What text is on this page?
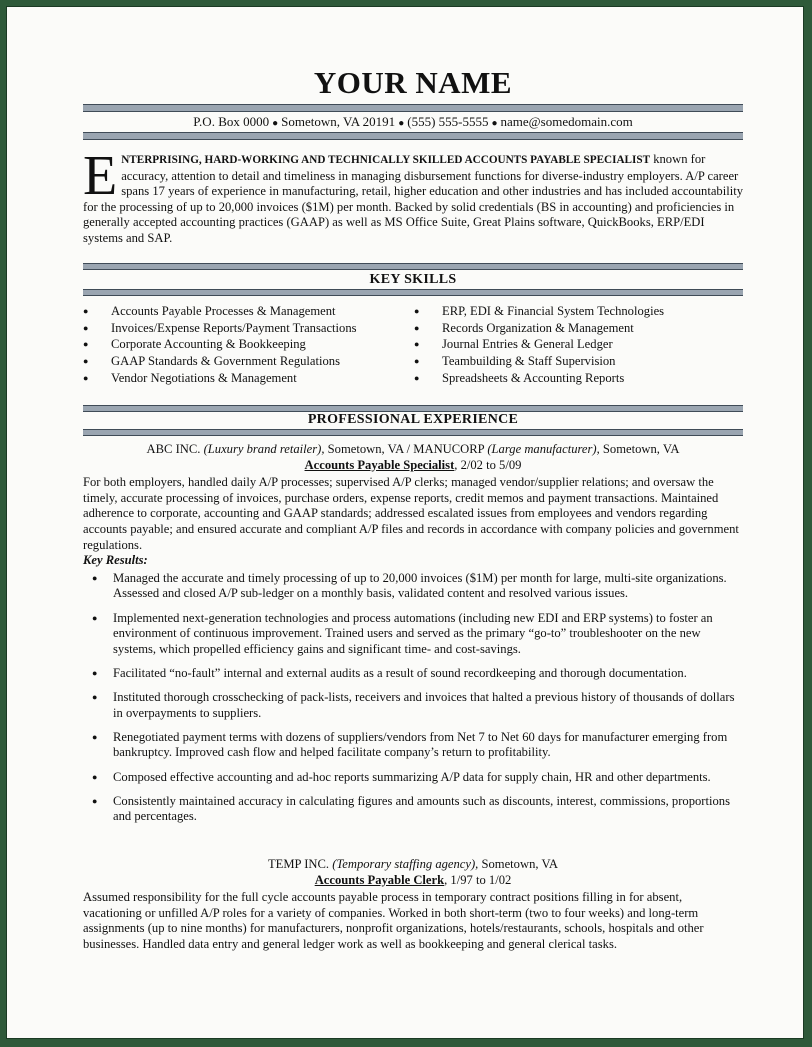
YOUR NAME
P.O. Box 0000 ● Sometown, VA 20191 ● (555) 555-5555 ● name@somedomain.com
ENTERPRISING, HARD-WORKING AND TECHNICALLY SKILLED ACCOUNTS PAYABLE SPECIALIST known for accuracy, attention to detail and timeliness in managing disbursement functions for diverse-industry employers. A/P career spans 17 years of experience in manufacturing, retail, higher education and other industries and has included accountability for the processing of up to 20,000 invoices ($1M) per month. Backed by solid credentials (BS in accounting) and proficiencies in generally accepted accounting practices (GAAP) as well as MS Office Suite, Great Plains software, QuickBooks, ERP/EDI systems and SAP.
KEY SKILLS
● Accounts Payable Processes & Management
● Invoices/Expense Reports/Payment Transactions
● Corporate Accounting & Bookkeeping
● GAAP Standards & Government Regulations
● Vendor Negotiations & Management
● ERP, EDI & Financial System Technologies
● Records Organization & Management
● Journal Entries & General Ledger
● Teambuilding & Staff Supervision
● Spreadsheets & Accounting Reports
PROFESSIONAL EXPERIENCE
ABC INC. (Luxury brand retailer), Sometown, VA / MANUCORP (Large manufacturer), Sometown, VA
Accounts Payable Specialist, 2/02 to 5/09
For both employers, handled daily A/P processes; supervised A/P clerks; managed vendor/supplier relations; and oversaw the timely, accurate processing of invoices, purchase orders, expense reports, credit memos and payment transactions. Maintained adherence to corporate, accounting and GAAP standards; addressed escalated issues from employees and vendors regarding accounts payable; and ensured accurate and compliant A/P files and records in accordance with company policies and government regulations.
Key Results:
● Managed the accurate and timely processing of up to 20,000 invoices ($1M) per month for large, multi-site organizations. Assessed and closed A/P sub-ledger on a monthly basis, validated content and resolved various issues.
● Implemented next-generation technologies and process automations (including new EDI and ERP systems) to foster an environment of continuous improvement. Trained users and served as the primary “go-to” troubleshooter on the new systems, which propelled efficiency gains and significant time- and cost-savings.
● Facilitated “no-fault” internal and external audits as a result of sound recordkeeping and thorough documentation.
● Instituted thorough crosschecking of pack-lists, receivers and invoices that halted a previous history of thousands of dollars in overpayments to suppliers.
● Renegotiated payment terms with dozens of suppliers/vendors from Net 7 to Net 60 days for manufacturer emerging from bankruptcy. Improved cash flow and helped facilitate company’s return to profitability.
● Composed effective accounting and ad-hoc reports summarizing A/P data for supply chain, HR and other departments.
● Consistently maintained accuracy in calculating figures and amounts such as discounts, interest, commissions, proportions and percentages.
TEMP INC. (Temporary staffing agency), Sometown, VA
Accounts Payable Clerk, 1/97 to 1/02
Assumed responsibility for the full cycle accounts payable process in temporary contract positions filling in for absent, vacationing or unfilled A/P roles for a variety of companies. Worked in both short-term (two to four weeks) and long-term assignments (up to nine months) for manufacturers, nonprofit organizations, hotels/restaurants, schools, hospitals and other businesses. Handled data entry and general ledger work as well as bookkeeping and general clerical tasks.
